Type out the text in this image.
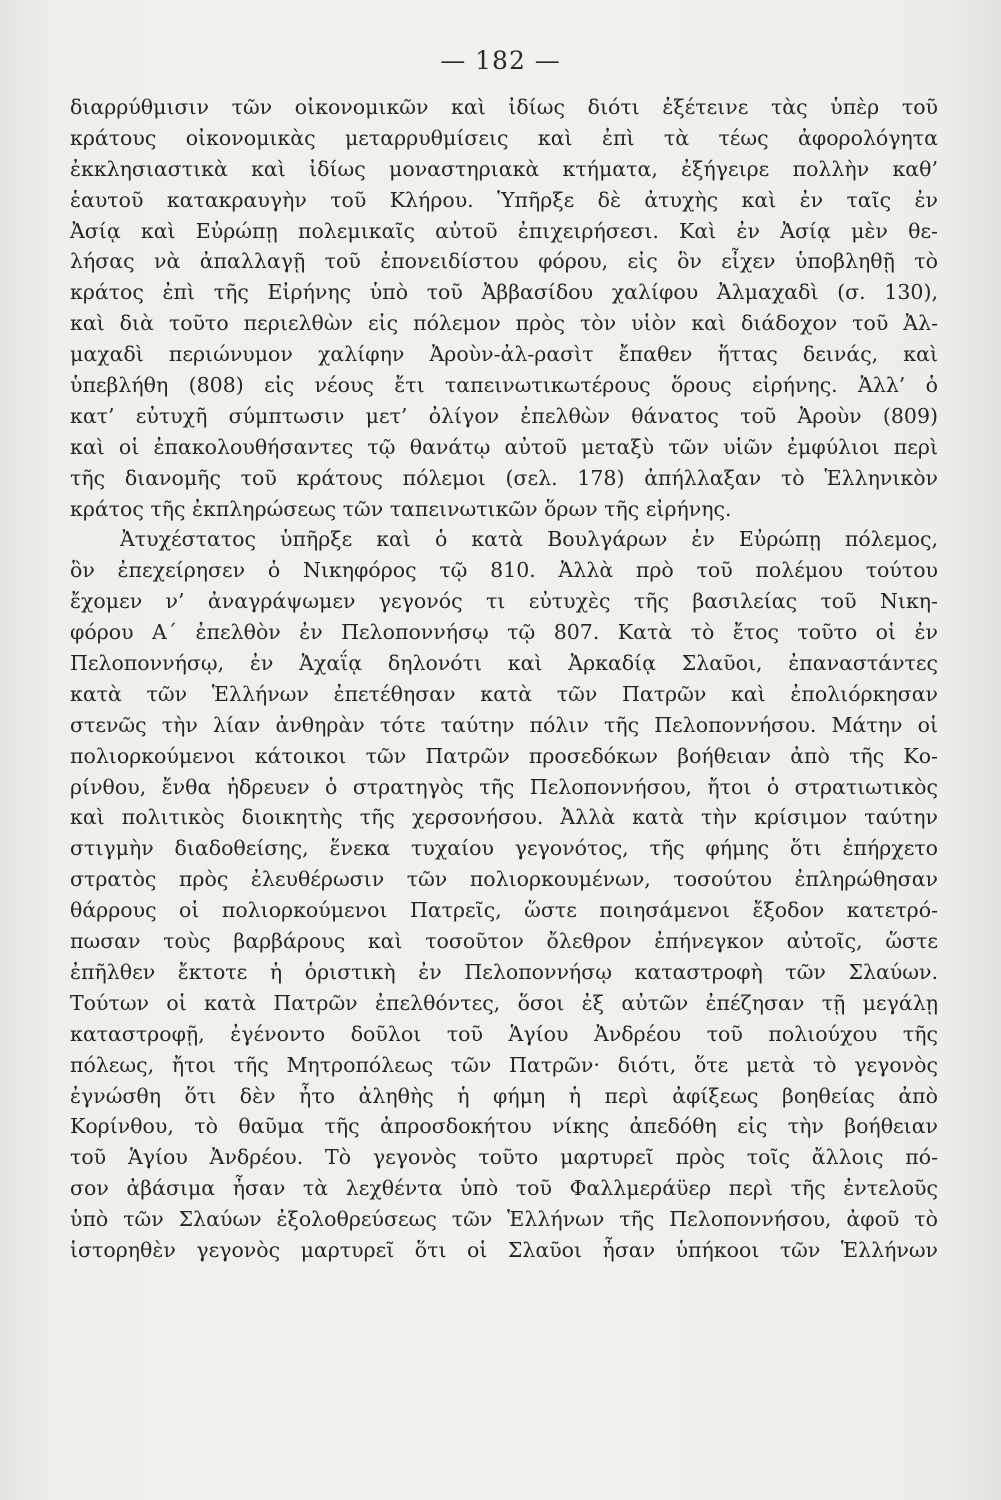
— 182 —
διαρρύθμισιν τῶν οἰκονομικῶν καὶ ἰδίως διότι ἐξέτεινε τὰς ὑπὲρ τοῦ
κράτους οἰκονομικὰς μεταρρυθμίσεις καὶ ἐπὶ τὰ τέως ἀφορολόγητα
ἐκκλησιαστικὰ καὶ ἰδίως μοναστηριακὰ κτήματα, ἐξήγειρε πολλὴν καθ’
ἑαυτοῦ κατακραυγὴν τοῦ Κλήρου. Ὑπῆρξε δὲ ἀτυχὴς καὶ ἐν ταῖς ἐν
Ἀσίᾳ καὶ Εὐρώπῃ πολεμικαῖς αὐτοῦ ἐπιχειρήσεσι. Καὶ ἐν Ἀσίᾳ μὲν θε-
λήσας νὰ ἀπαλλαγῇ τοῦ ἐπονειδίστου φόρου, εἰς ὃν εἶχεν ὑποβληθῇ τὸ
κράτος ἐπὶ τῆς Εἰρήνης ὑπὸ τοῦ Ἀββασίδου χαλίφου Ἀλμαχαδὶ (σ. 130),
καὶ διὰ τοῦτο περιελθὼν εἰς πόλεμον πρὸς τὸν υἱὸν καὶ διάδοχον τοῦ Ἀλ-
μαχαδὶ περιώνυμον χαλίφην Ἀροὺν-ἀλ-ρασὶτ ἔπαθεν ἥττας δεινάς, καὶ
ὑπεβλήθη (808) εἰς νέους ἔτι ταπεινωτικωτέρους ὅρους εἰρήνης. Ἀλλ’ ὁ
κατ’ εὐτυχῆ σύμπτωσιν μετ’ ὀλίγον ἐπελθὼν θάνατος τοῦ Ἀροὺν (809)
καὶ οἱ ἐπακολουθήσαντες τῷ θανάτῳ αὐτοῦ μεταξὺ τῶν υἱῶν ἐμφύλιοι περὶ
τῆς διανομῆς τοῦ κράτους πόλεμοι (σελ. 178) ἀπήλλαξαν τὸ Ἑλληνικὸν
κράτος τῆς ἐκπληρώσεως τῶν ταπεινωτικῶν ὅρων τῆς εἰρήνης.
Ἀτυχέστατος ὑπῆρξε καὶ ὁ κατὰ Βουλγάρων ἐν Εὐρώπῃ πόλεμος,
ὃν ἐπεχείρησεν ὁ Νικηφόρος τῷ 810. Ἀλλὰ πρὸ τοῦ πολέμου τούτου
ἔχομεν ν’ ἀναγράψωμεν γεγονός τι εὐτυχὲς τῆς βασιλείας τοῦ Νικη-
φόρου Α΄ ἐπελθὸν ἐν Πελοποννήσῳ τῷ 807. Κατὰ τὸ ἔτος τοῦτο οἱ ἐν
Πελοποννήσῳ, ἐν Ἀχαΐᾳ δηλονότι καὶ Ἀρκαδίᾳ Σλαῦοι, ἐπαναστάντες
κατὰ τῶν Ἑλλήνων ἐπετέθησαν κατὰ τῶν Πατρῶν καὶ ἐπολιόρκησαν
στενῶς τὴν λίαν ἀνθηρὰν τότε ταύτην πόλιν τῆς Πελοποννήσου. Μάτην οἱ
πολιορκούμενοι κάτοικοι τῶν Πατρῶν προσεδόκων βοήθειαν ἀπὸ τῆς Κο-
ρίνθου, ἔνθα ἠδρευεν ὁ στρατηγὸς τῆς Πελοποννήσου, ἤτοι ὁ στρατιωτικὸς
καὶ πολιτικὸς διοικητὴς τῆς χερσονήσου. Ἀλλὰ κατὰ τὴν κρίσιμον ταύτην
στιγμὴν διαδοθείσης, ἕνεκα τυχαίου γεγονότος, τῆς φήμης ὅτι ἐπήρχετο
στρατὸς πρὸς ἐλευθέρωσιν τῶν πολιορκουμένων, τοσούτου ἐπληρώθησαν
θάρρους οἱ πολιορκούμενοι Πατρεῖς, ὥστε ποιησάμενοι ἔξοδον κατετρό-
πωσαν τοὺς βαρβάρους καὶ τοσοῦτον ὄλεθρον ἐπήνεγκον αὐτοῖς, ὥστε
ἐπῆλθεν ἔκτοτε ἡ ὁριστικὴ ἐν Πελοποννήσῳ καταστροφὴ τῶν Σλαύων.
Τούτων οἱ κατὰ Πατρῶν ἐπελθόντες, ὅσοι ἐξ αὐτῶν ἐπέζησαν τῇ μεγάλῃ
καταστροφῇ, ἐγένοντο δοῦλοι τοῦ Ἁγίου Ἀνδρέου τοῦ πολιούχου τῆς
πόλεως, ἤτοι τῆς Μητροπόλεως τῶν Πατρῶν· διότι, ὅτε μετὰ τὸ γεγονὸς
ἐγνώσθη ὅτι δὲν ἦτο ἀληθὴς ἡ φήμη ἡ περὶ ἀφίξεως βοηθείας ἀπὸ
Κορίνθου, τὸ θαῦμα τῆς ἀπροσδοκήτου νίκης ἀπεδόθη εἰς τὴν βοήθειαν
τοῦ Ἁγίου Ἀνδρέου. Τὸ γεγονὸς τοῦτο μαρτυρεῖ πρὸς τοῖς ἄλλοις πό-
σον ἀβάσιμα ἦσαν τὰ λεχθέντα ὑπὸ τοῦ Φαλλμεράϋερ περὶ τῆς ἐντελοῦς
ὑπὸ τῶν Σλαύων ἐξολοθρεύσεως τῶν Ἑλλήνων τῆς Πελοποννήσου, ἀφοῦ τὸ
ἱστορηθὲν γεγονὸς μαρτυρεῖ ὅτι οἱ Σλαῦοι ἦσαν ὑπήκοοι τῶν Ἑλλήνων
